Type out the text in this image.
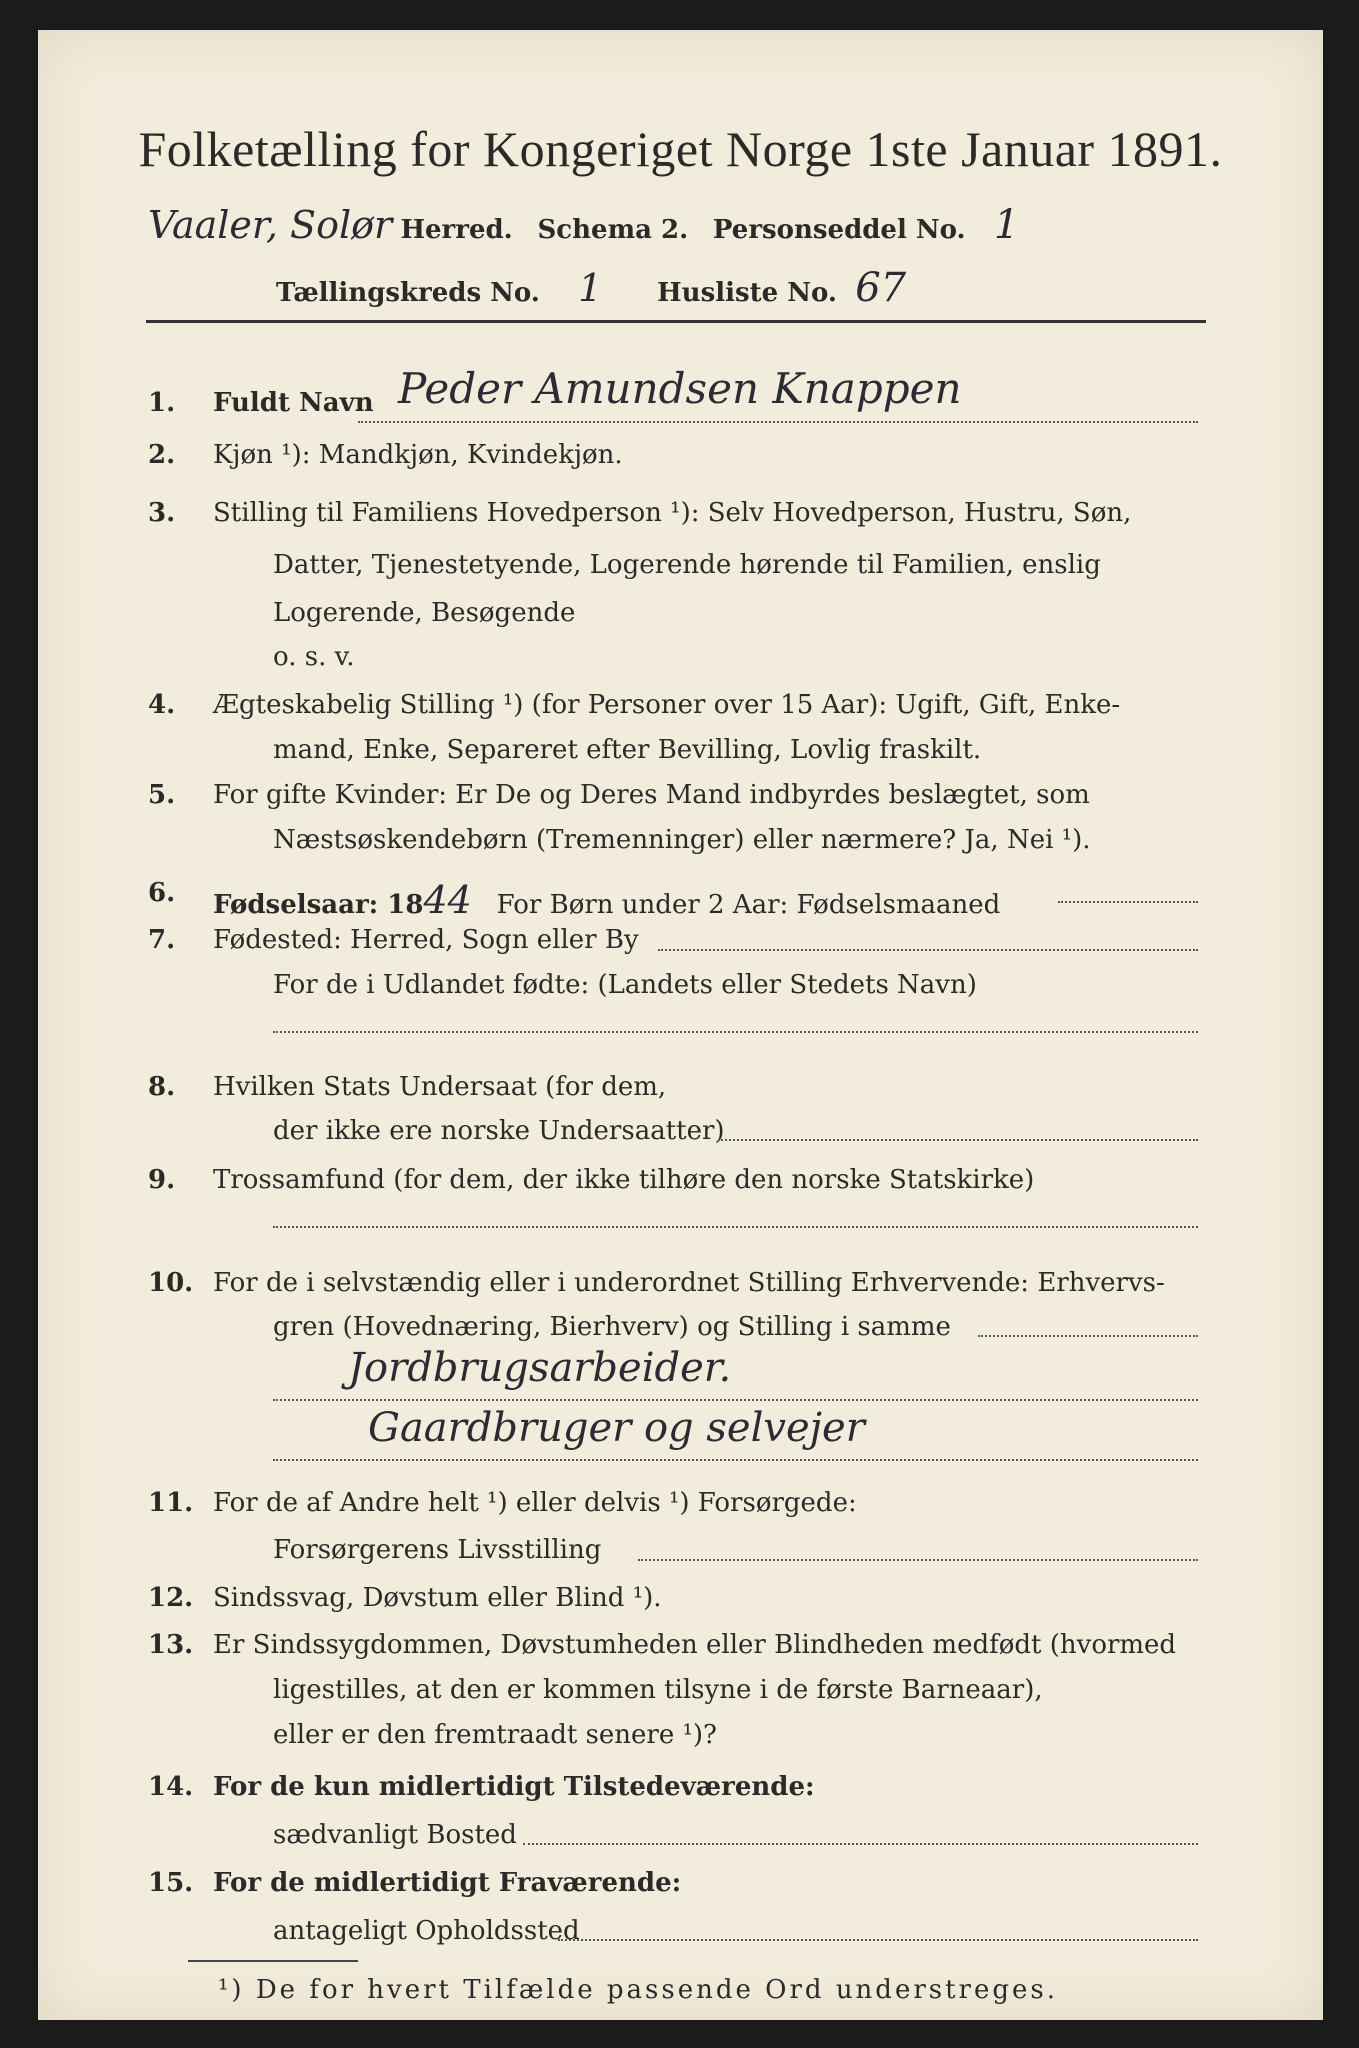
Folketælling for Kongeriget Norge 1ste Januar 1891.
Vaaler, Solør Herred. Schema 2. Personseddel No. 1
Tællingskreds No. 1 Husliste No. 67
1. Fuldt Navn Peder Amundsen Knappen
2. Kjøn ¹): Mandkjøn, Kvindekjøn.
3. Stilling til Familiens Hovedperson ¹): Selv Hovedperson, Hustru, Søn,
Datter, Tjenestetyende, Logerende hørende til Familien, enslig
Logerende, Besøgende
o. s. v.
4. Ægteskabelig Stilling ¹) (for Personer over 15 Aar): Ugift, Gift, Enke-
mand, Enke, Separeret efter Bevilling, Lovlig fraskilt.
5. For gifte Kvinder: Er De og Deres Mand indbyrdes beslægtet, som
Næstsøskendebørn (Tremenninger) eller nærmere? Ja, Nei ¹).
6. Fødselsaar: 1844 For Børn under 2 Aar: Fødselsmaaned
7. Fødested: Herred, Sogn eller By
For de i Udlandet fødte: (Landets eller Stedets Navn)
8. Hvilken Stats Undersaat (for dem,
der ikke ere norske Undersaatter)
9. Trossamfund (for dem, der ikke tilhøre den norske Statskirke)
10. For de i selvstændig eller i underordnet Stilling Erhvervende: Erhvervs-
gren (Hovednæring, Bierhverv) og Stilling i samme
Jordbrugsarbeider.
Gaardbruger og selvejer
11. For de af Andre helt ¹) eller delvis ¹) Forsørgede:
Forsørgerens Livsstilling
12. Sindssvag, Døvstum eller Blind ¹).
13. Er Sindssygdommen, Døvstumheden eller Blindheden medfødt (hvormed
ligestilles, at den er kommen tilsyne i de første Barneaar),
eller er den fremtraadt senere ¹)?
14. For de kun midlertidigt Tilstedeværende:
sædvanligt Bosted
15. For de midlertidigt Fraværende:
antageligt Opholdssted
¹) De for hvert Tilfælde passende Ord understreges.
